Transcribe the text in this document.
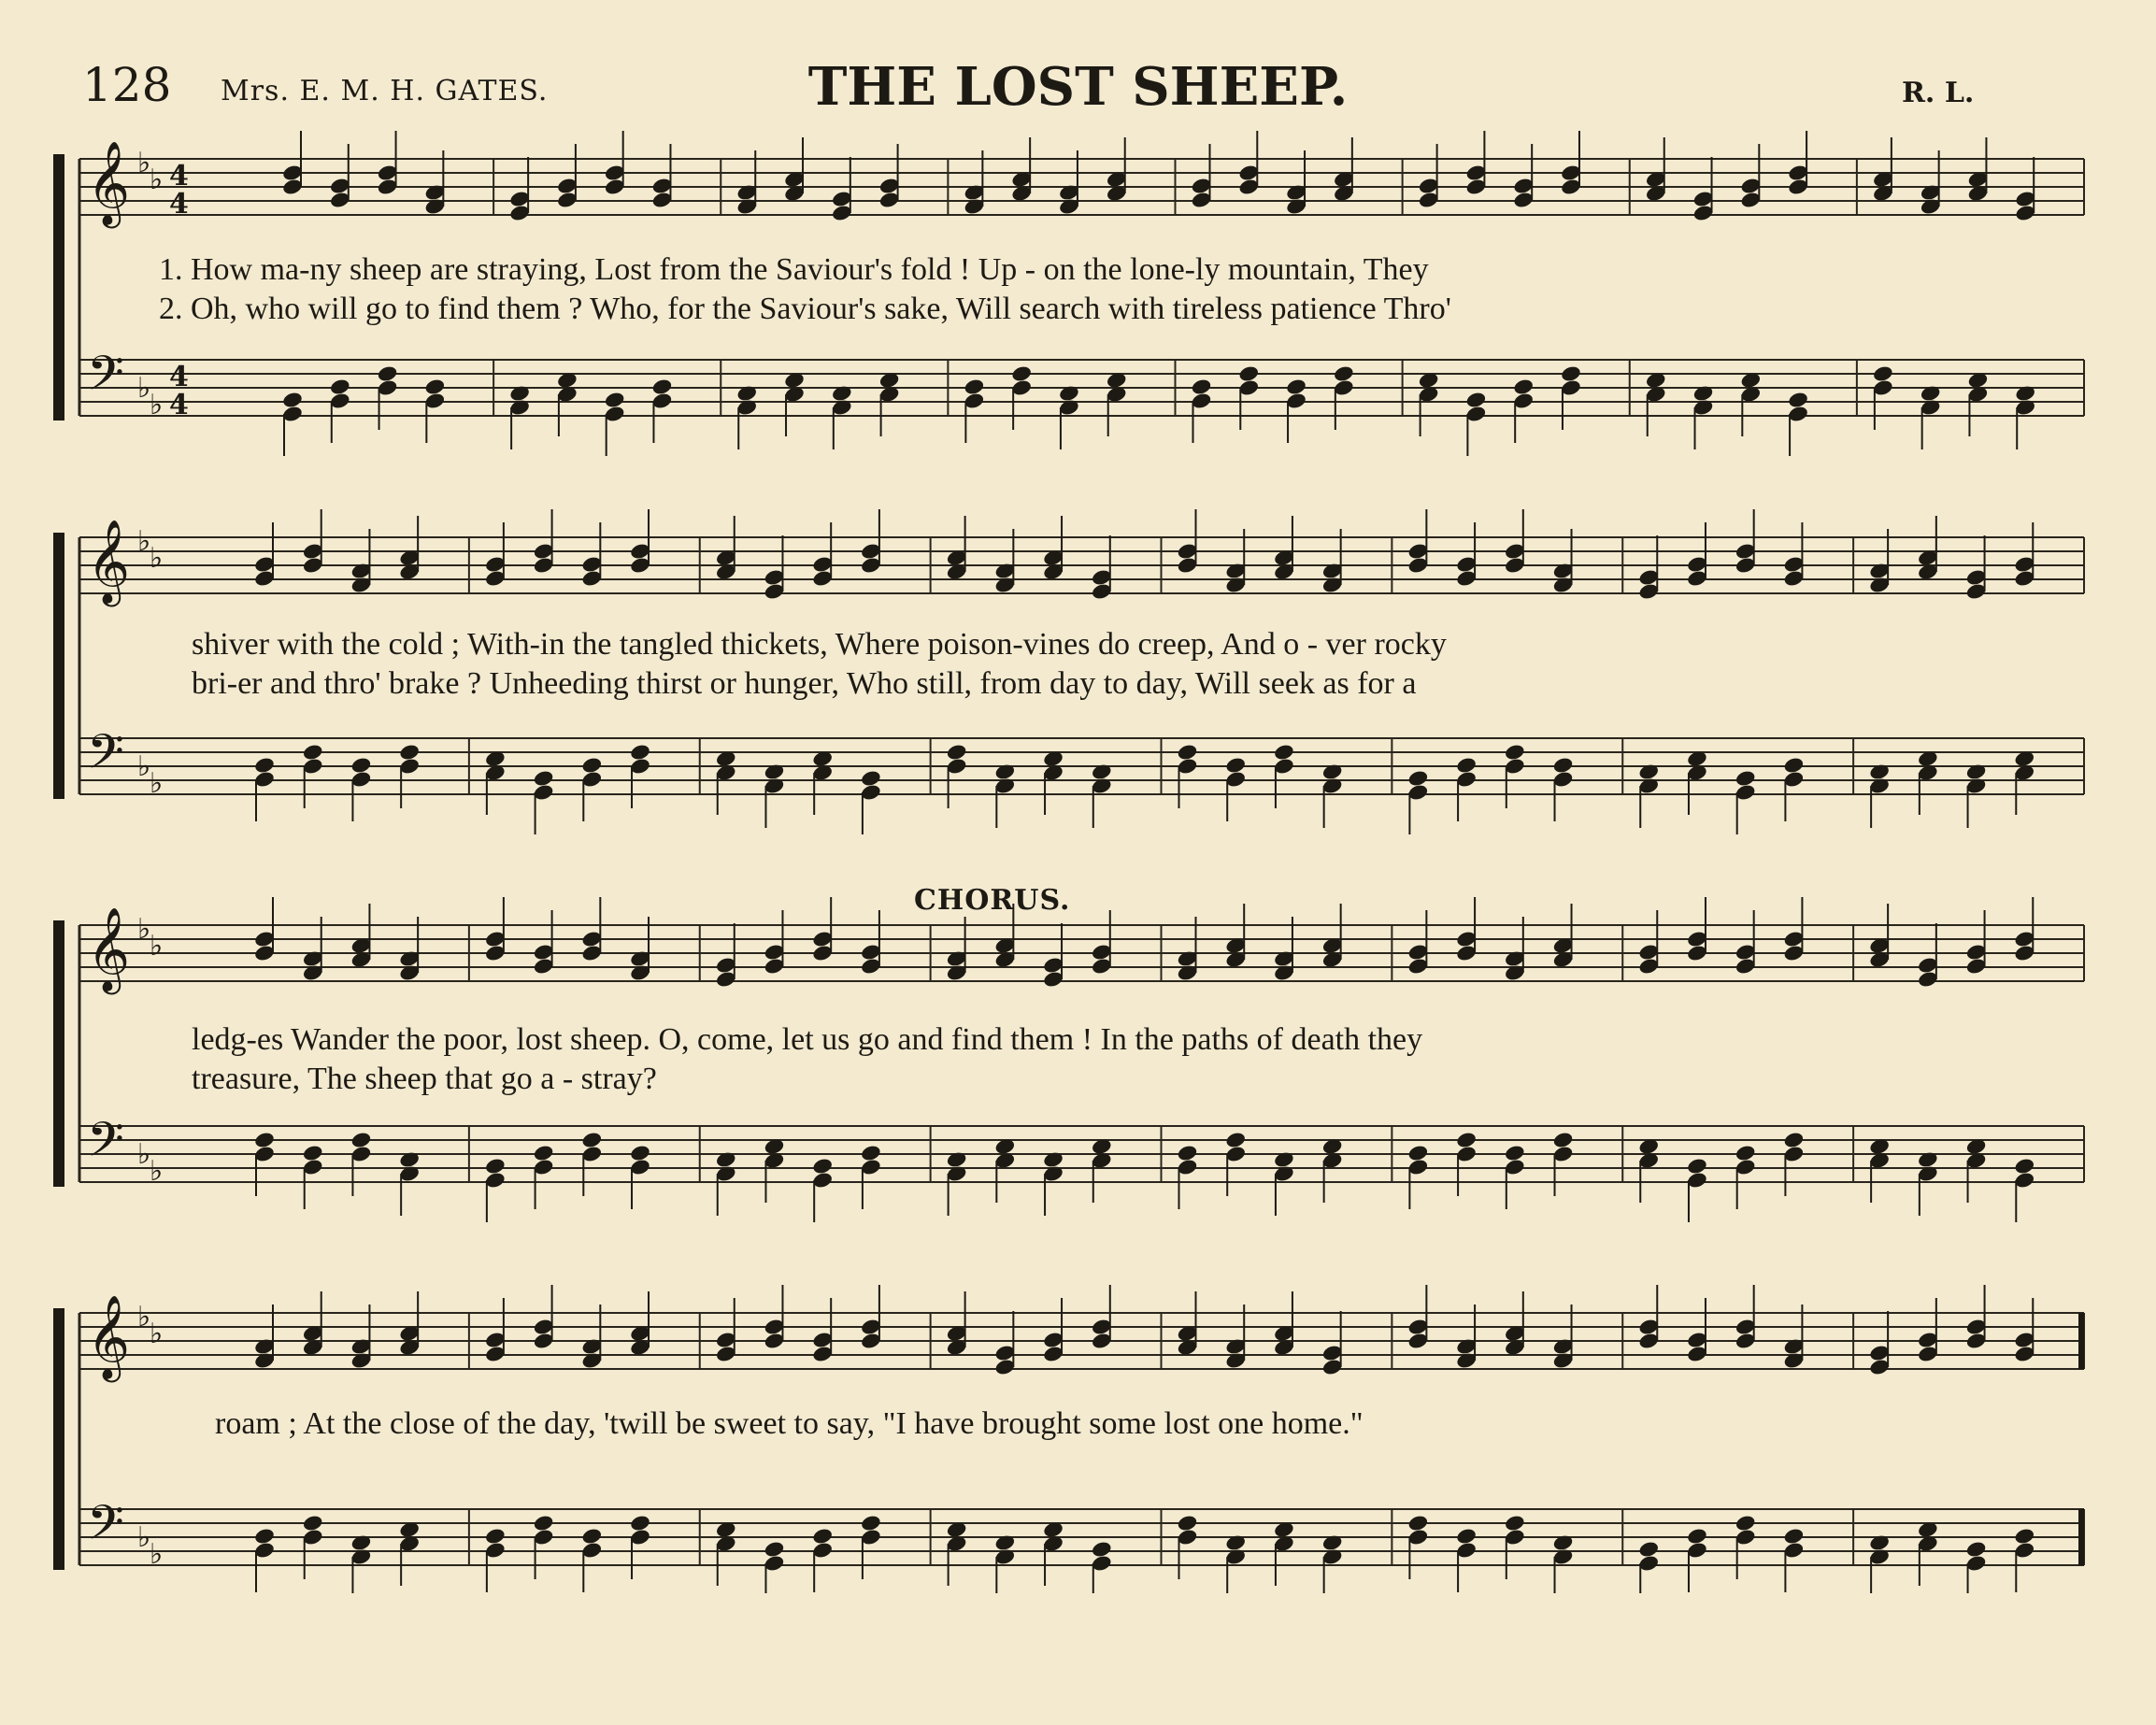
128 Mrs. E. M. H. GATES.	THE LOST SHEEP.	R. L.
𝄞 ♭
♭ 4
4
𝄢 ♭
♭
4
4
1. How ma-ny sheep are straying, Lost from the Saviour's fold ! Up - on the lone-ly mountain, They
2. Oh, who will go to find them ? Who, for the Saviour's sake, Will search with tireless patience Thro'
𝄞 ♭
♭
𝄢 ♭
♭
shiver with the cold ; With-in the tangled thickets, Where poison-vines do creep, And o - ver rocky
bri-er and thro' brake ? Unheeding thirst or hunger, Who still, from day to day, Will seek as for a
CHORUS.
𝄞 ♭
♭
𝄢 ♭
♭
ledg-es Wander the poor, lost sheep. O, come, let us go and find them ! In the paths of death they
treasure, The sheep that go a - stray?
𝄞 ♭
♭
𝄢 ♭
♭
roam ; At the close of the day, 'twill be sweet to say, "I have brought some lost one home."
